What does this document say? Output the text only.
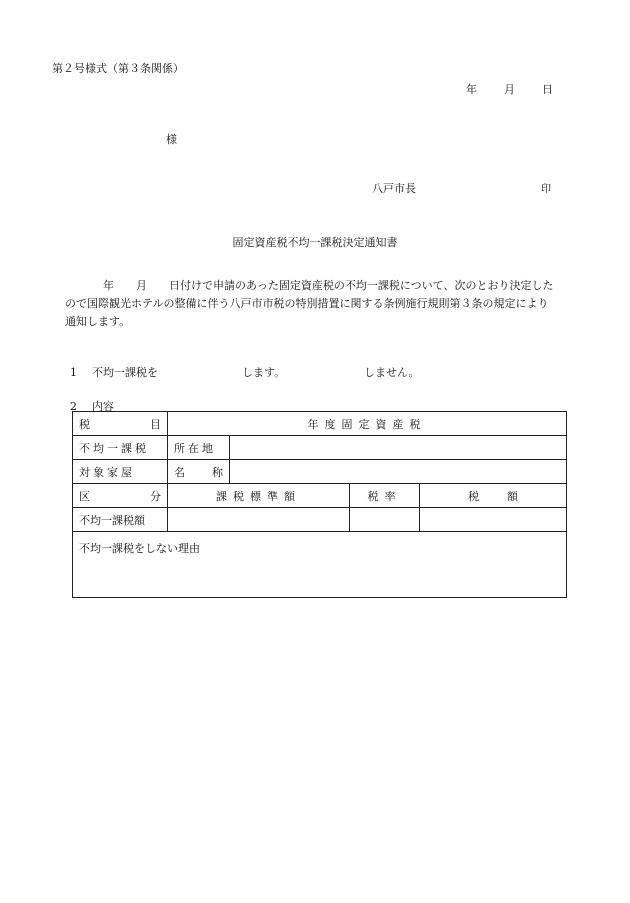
第２号様式（第３条関係）
年 月 日
様
八戸市長	印
固定資産税不均一課税決定通知書
年　　月　　日付けで申請のあった固定資産税の不均一課税について、次のとおり決定したので国際観光ホテルの整備に伴う八戸市市税の特別措置に関する条例施行規則第３条の規定により通知します。
1 不均一課税を	します。	しません。
2 内容
税 目	年度固定資産税			
不均一課税	所在地			
対象家屋	名 称			

区 分	課税標準額		税率	税 額

不均一課税額				
不均一課税をしない理由				
